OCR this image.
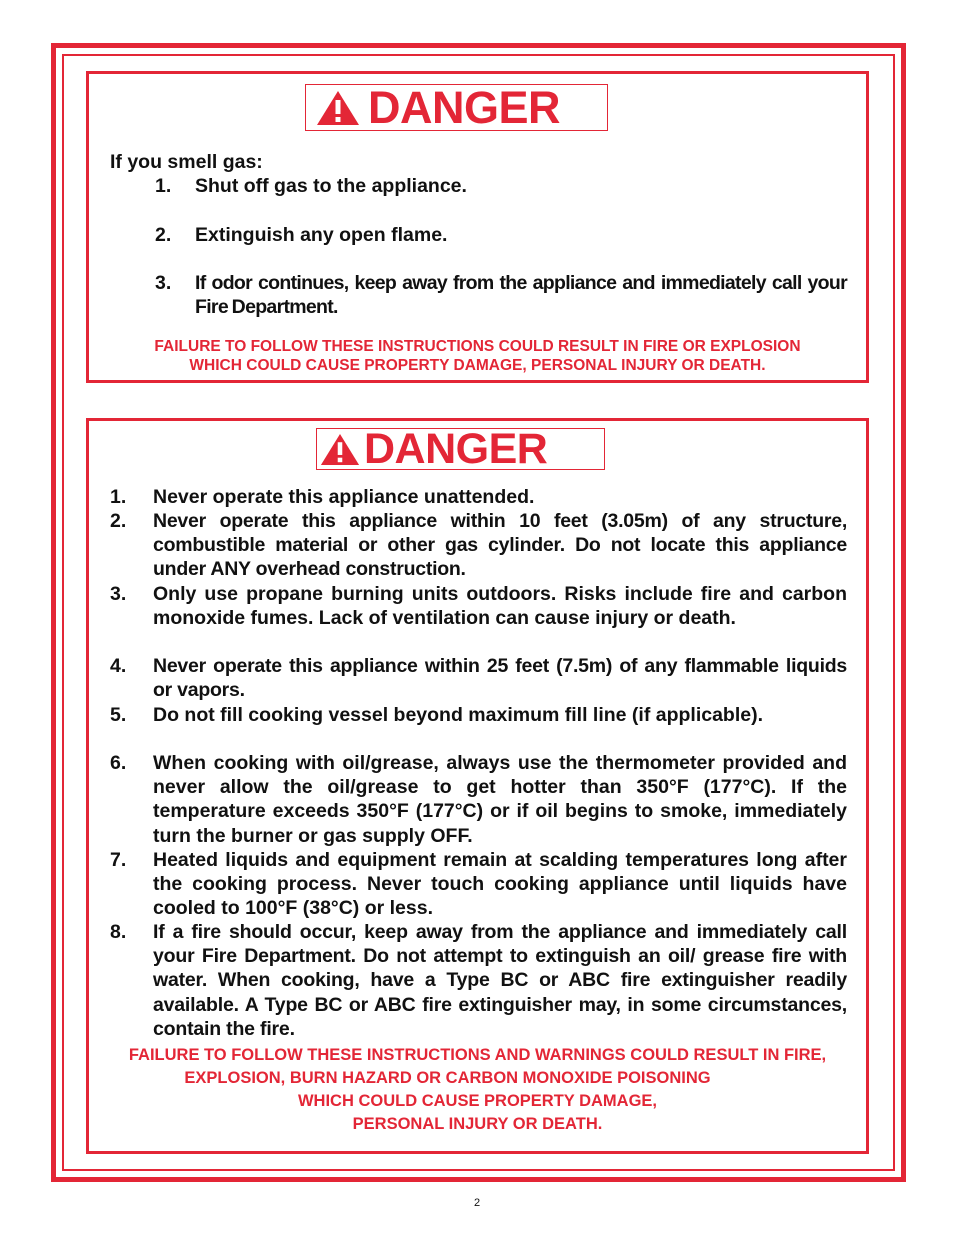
DANGER
If you smell gas:
1. Shut off gas to the appliance.
2. Extinguish any open flame.
3. If odor continues, keep away from the appliance and immediately call your Fire Department.
FAILURE TO FOLLOW THESE INSTRUCTIONS COULD RESULT IN FIRE OR EXPLOSION
WHICH COULD CAUSE PROPERTY DAMAGE, PERSONAL INJURY OR DEATH.
DANGER
1. Never operate this appliance unattended.
2. Never operate this appliance within 10 feet (3.05m) of any structure, combustible material or other gas cylinder. Do not locate this appliance under ANY overhead construction.
3. Only use propane burning units outdoors. Risks include fire and carbon monoxide fumes. Lack of ventilation can cause injury or death.
4. Never operate this appliance within 25 feet (7.5m) of any flammable liquids or vapors.
5. Do not fill cooking vessel beyond maximum fill line (if applicable).
6. When cooking with oil/grease, always use the thermometer provided and never allow the oil/grease to get hotter than 350°F (177°C). If the temperature exceeds 350°F (177°C) or if oil begins to smoke, immediately turn the burner or gas supply OFF.
7. Heated liquids and equipment remain at scalding temperatures long after the cooking process. Never touch cooking appliance until liquids have cooled to 100°F (38°C) or less.
8. If a fire should occur, keep away from the appliance and immediately call your Fire Department. Do not attempt to extinguish an oil/ grease fire with water. When cooking, have a Type BC or ABC fire extinguisher readily available. A Type BC or ABC fire extinguisher may, in some circumstances, contain the fire.
FAILURE TO FOLLOW THESE INSTRUCTIONS AND WARNINGS COULD RESULT IN FIRE,
EXPLOSION, BURN HAZARD OR CARBON MONOXIDE POISONING
WHICH COULD CAUSE PROPERTY DAMAGE,
PERSONAL INJURY OR DEATH.
2
